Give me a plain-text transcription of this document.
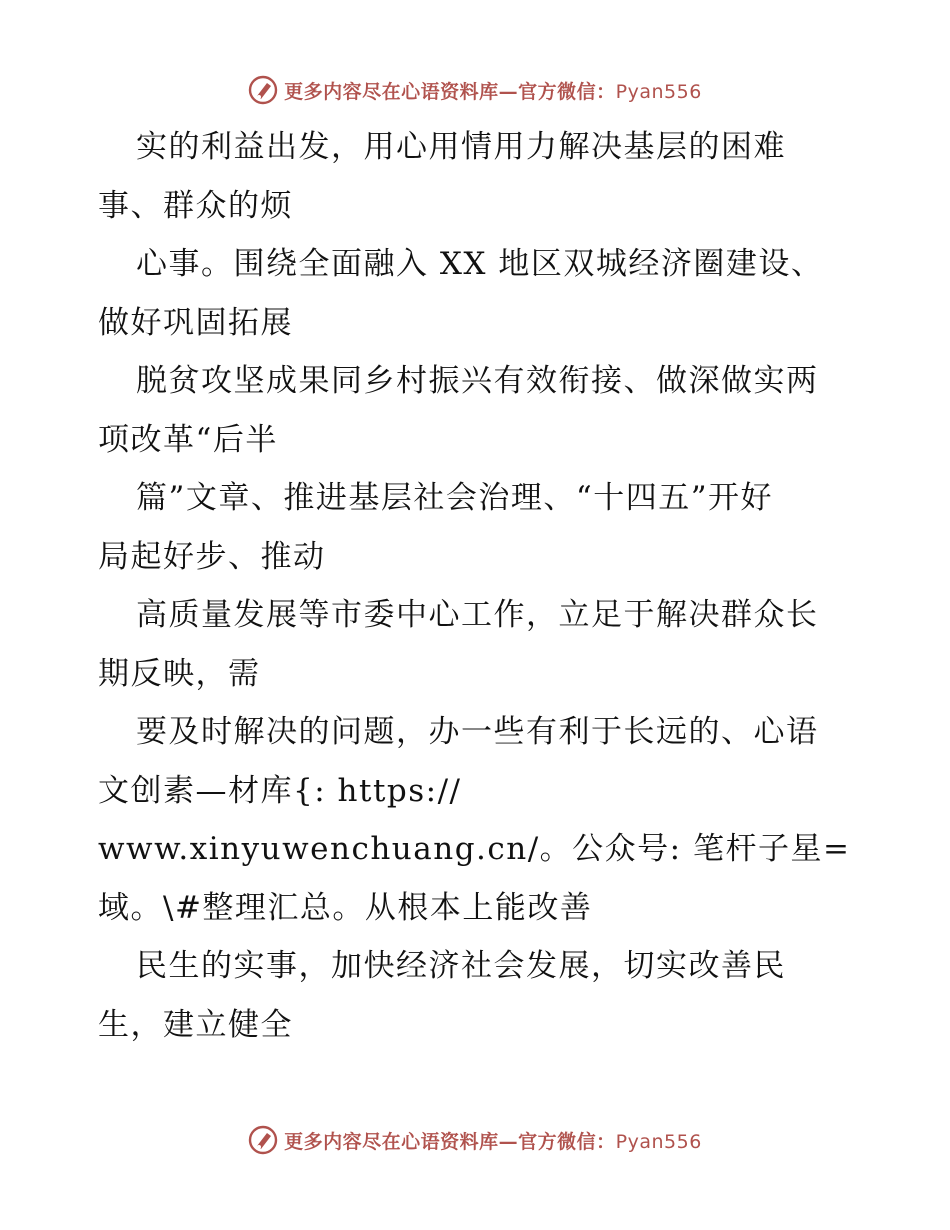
更多内容尽在心语资料库—官方微信：Pyan556
实的利益出发，用心用情用力解决基层的困难
事、群众的烦
心事。围绕全面融入 XX 地区双城经济圈建设、
做好巩固拓展
脱贫攻坚成果同乡村振兴有效衔接、做深做实两
项改革“后半
篇”文章、推进基层社会治理、“十四五”开好
局起好步、推动
高质量发展等市委中心工作，立足于解决群众长
期反映，需
要及时解决的问题，办一些有利于长远的、心语
文创素—材库{: https://
www.xinyuwenchuang.cn/。公众号: 笔杆子星=
域。\#整理汇总。从根本上能改善
民生的实事，加快经济社会发展，切实改善民
生，建立健全
更多内容尽在心语资料库—官方微信：Pyan556
